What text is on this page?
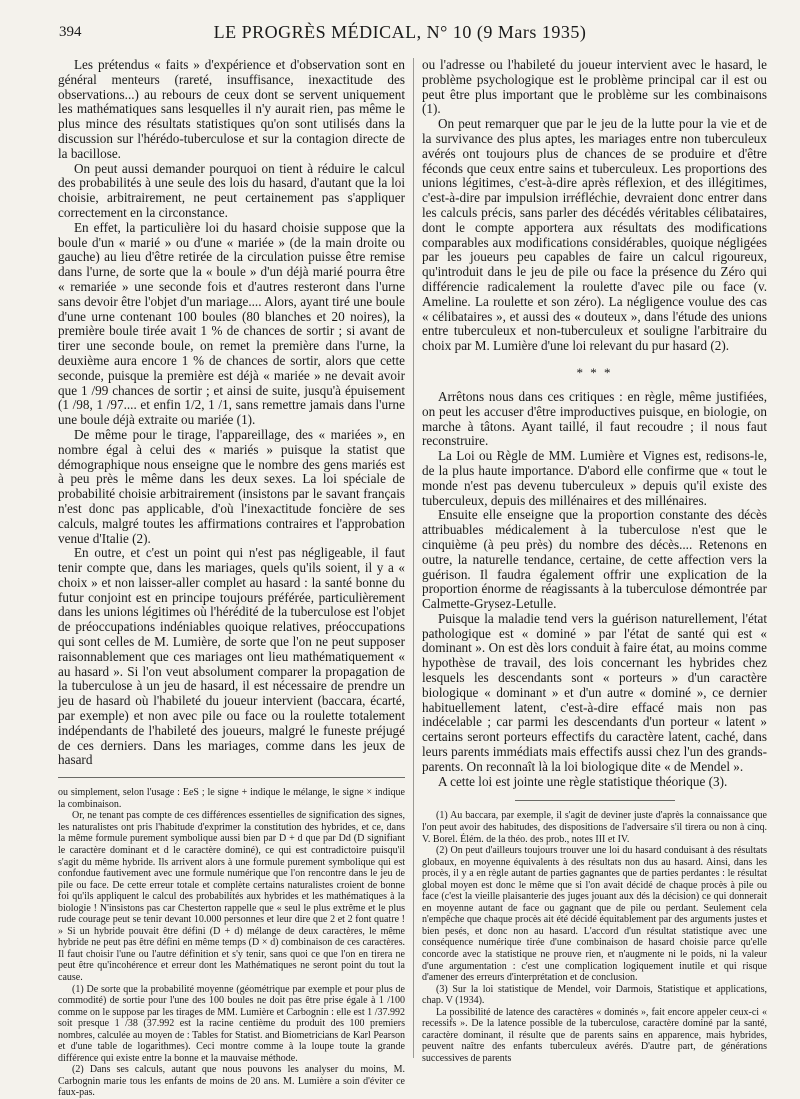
394	LE PROGRÈS MÉDICAL, N° 10 (9 Mars 1935)

Les prétendus « faits » d'expérience et d'observation sont en général menteurs (rareté, insuffisance, inexactitude des observations...) au rebours de ceux dont se servent uniquement les mathématiques sans lesquelles il n'y aurait rien, pas même le plus mince des résultats statistiques qu'on sont utilisés dans la discussion sur l'hérédo-tuberculose et sur la contagion directe de la bacillose.

On peut aussi demander pourquoi on tient à réduire le calcul des probabilités à une seule des lois du hasard, d'autant que la loi choisie, arbitrairement, ne peut certainement pas s'appliquer correctement en la circonstance.

En effet, la particulière loi du hasard choisie suppose que la boule d'un « marié » ou d'une « mariée » (de la main droite ou gauche) au lieu d'être retirée de la circulation puisse être remise dans l'urne, de sorte que la « boule » d'un déjà marié pourra être « remariée » une seconde fois et d'autres resteront dans l'urne sans devoir être l'objet d'un mariage.... Alors, ayant tiré une boule d'une urne contenant 100 boules (80 blanches et 20 noires), la première boule tirée avait 1 % de chances de sortir ; si avant de tirer une seconde boule, on remet la première dans l'urne, la deuxième aura encore 1 % de chances de sortir, alors que cette seconde, puisque la première est déjà « mariée » ne devait avoir que 1 /99 chances de sortir ; et ainsi de suite, jusqu'à épuisement (1 /98, 1 /97.... et enfin 1/2, 1 /1, sans remettre jamais dans l'urne une boule déjà extraite ou mariée (1).

De même pour le tirage, l'appareillage, des « mariées », en nombre égal à celui des « mariés » puisque la statist que démographique nous enseigne que le nombre des gens mariés est à peu près le même dans les deux sexes. La loi spéciale de probabilité choisie arbitrairement (insistons par le savant français n'est donc pas applicable, d'où l'inexactitude foncière de ses calculs, malgré toutes les affirmations contraires et l'approbation venue d'Italie (2).

En outre, et c'est un point qui n'est pas négligeable, il faut tenir compte que, dans les mariages, quels qu'ils soient, il y a « choix » et non laisser-aller complet au hasard : la santé bonne du futur conjoint est en principe toujours préférée, particulièrement dans les unions légitimes où l'hérédité de la tuberculose est l'objet de préoccupations indéniables quoique relatives, préoccupations qui sont celles de M. Lumière, de sorte que l'on ne peut supposer raisonnablement que ces mariages ont lieu mathématiquement « au hasard ». Si l'on veut absolument comparer la propagation de la tuberculose à un jeu de hasard, il est nécessaire de prendre un jeu de hasard où l'habileté du joueur intervient (baccara, écarté, par exemple) et non avec pile ou face ou la roulette totalement indépendants de l'habileté des joueurs, malgré le funeste préjugé de ces derniers. Dans les mariages, comme dans les jeux de hasard

ou simplement, selon l'usage : EeS ; le signe + indique le mélange, le signe × indique la combinaison.

Or, ne tenant pas compte de ces différences essentielles de signification des signes, les naturalistes ont pris l'habitude d'exprimer la constitution des hybrides, et ce, dans la même formule purement symbolique aussi bien par D + d que par Dd (D signifiant le caractère dominant et d le caractère dominé), ce qui est contradictoire puisqu'il s'agit du même hybride. Ils arrivent alors à une formule purement symbolique qui est confondue fautivement avec une formule numérique que l'on rencontre dans le jeu de pile ou face. De cette erreur totale et complète certains naturalistes croient de bonne foi qu'ils appliquent le calcul des probabilités aux hybrides et les mathématiques à la biologie ! N'insistons pas car Chesterton rappelle que « seul le plus extrême et le plus rude courage peut se tenir devant 10.000 personnes et leur dire que 2 et 2 font quatre ! » Si un hybride pouvait être défini (D + d) mélange de deux caractères, le même hybride ne peut pas être défini en même temps (D × d) combinaison de ces caractères. Il faut choisir l'une ou l'autre définition et s'y tenir, sans quoi ce que l'on en tirera ne peut être qu'incohérence et erreur dont les Mathématiques ne seront point du tout la cause.

(1) De sorte que la probabilité moyenne (géométrique par exemple et pour plus de commodité) de sortie pour l'une des 100 boules ne doit pas être prise égale à 1 /100 comme on le suppose par les tirages de MM. Lumière et Carbognin : elle est 1 /37.992 soit presque 1 /38 (37.992 est la racine centième du produit des 100 premiers nombres, calculée au moyen de : Tables for Statist. and Biometricians de Karl Pearson et d'une table de logarithmes). Ceci montre comme à la loupe toute la grande différence qui existe entre la bonne et la mauvaise méthode.

(2) Dans ses calculs, autant que nous pouvons les analyser du moins, M. Carbognin marie tous les enfants de moins de 20 ans. M. Lumière a soin d'éviter ce faux-pas.

ou l'adresse ou l'habileté du joueur intervient avec le hasard, le problème psychologique est le problème principal car il est ou peut être plus important que le problème sur les combinaisons (1).

On peut remarquer que par le jeu de la lutte pour la vie et de la survivance des plus aptes, les mariages entre non tuberculeux avérés ont toujours plus de chances de se produire et d'être féconds que ceux entre sains et tuberculeux. Les proportions des unions légitimes, c'est-à-dire après réflexion, et des illégitimes, c'est-à-dire par impulsion irréfléchie, devraient donc entrer dans les calculs précis, sans parler des décédés véritables célibataires, dont le compte apportera aux résultats des modifications comparables aux modifications considérables, quoique négligées par les joueurs peu capables de faire un calcul rigoureux, qu'introduit dans le jeu de pile ou face la présence du Zéro qui différencie radicalement la roulette d'avec pile ou face (v. Ameline. La roulette et son zéro). La négligence voulue des cas « célibataires », et aussi des « douteux », dans l'étude des unions entre tuberculeux et non-tuberculeux et souligne l'arbitraire du choix par M. Lumière d'une loi relevant du pur hasard (2).

* * *

Arrêtons nous dans ces critiques : en règle, même justifiées, on peut les accuser d'être improductives puisque, en biologie, on marche à tâtons. Ayant taillé, il faut recoudre ; il nous faut reconstruire.

La Loi ou Règle de MM. Lumière et Vignes est, redisons-le, de la plus haute importance. D'abord elle confirme que « tout le monde n'est pas devenu tuberculeux » depuis qu'il existe des tuberculeux, depuis des millénaires et des millénaires.

Ensuite elle enseigne que la proportion constante des décès attribuables médicalement à la tuberculose n'est que le cinquième (à peu près) du nombre des décès.... Retenons en outre, la naturelle tendance, certaine, de cette affection vers la guérison. Il faudra également offrir une explication de la proportion énorme de réagissants à la tuberculose démontrée par Calmette-Grysez-Letulle.

Puisque la maladie tend vers la guérison naturellement, l'état pathologique est « dominé » par l'état de santé qui est « dominant ». On est dès lors conduit à faire état, au moins comme hypothèse de travail, des lois concernant les hybrides chez lesquels les descendants sont « porteurs » d'un caractère biologique « dominant » et d'un autre « dominé », ce dernier habituellement latent, c'est-à-dire effacé mais non pas indécelable ; car parmi les descendants d'un porteur « latent » certains seront porteurs effectifs du caractère latent, caché, dans leurs parents immédiats mais effectifs aussi chez l'un des grands-parents. On reconnaît là la loi biologique dite « de Mendel ».

A cette loi est jointe une règle statistique théorique (3).

(1) Au baccara, par exemple, il s'agit de deviner juste d'après la connaissance que l'on peut avoir des habitudes, des dispositions de l'adversaire s'il tirera ou non à cinq. V. Borel. Élém. de la théo. des prob., notes III et IV.

(2) On peut d'ailleurs toujours trouver une loi du hasard conduisant à des résultats globaux, en moyenne équivalents à des résultats non dus au hasard. Ainsi, dans les procès, il y a en règle autant de parties gagnantes que de parties perdantes : le résultat global moyen est donc le même que si l'on avait décidé de chaque procès à pile ou face (c'est la vieille plaisanterie des juges jouant aux dés la décision) ce qui donnerait en moyenne autant de face ou gagnant que de pile ou perdant. Seulement cela n'empêche que chaque procès ait été décidé équitablement par des arguments justes et bien pesés, et donc non au hasard. L'accord d'un résultat statistique avec une conséquence numérique tirée d'une combinaison de hasard choisie parce qu'elle concorde avec la statistique ne prouve rien, et n'augmente ni le poids, ni la valeur d'une argumentation : c'est une complication logiquement inutile et qui risque d'amener des erreurs d'interprétation et de conclusion.

(3) Sur la loi statistique de Mendel, voir Darmois, Statistique et applications, chap. V (1934).

La possibilité de latence des caractères « dominés », fait encore appeler ceux-ci « recessifs ». De la latence possible de la tuberculose, caractère dominé par la santé, caractère dominant, il résulte que de parents sains en apparence, mais hybrides, peuvent naître des enfants tuberculeux avérés. D'autre part, de générations successives de parents
